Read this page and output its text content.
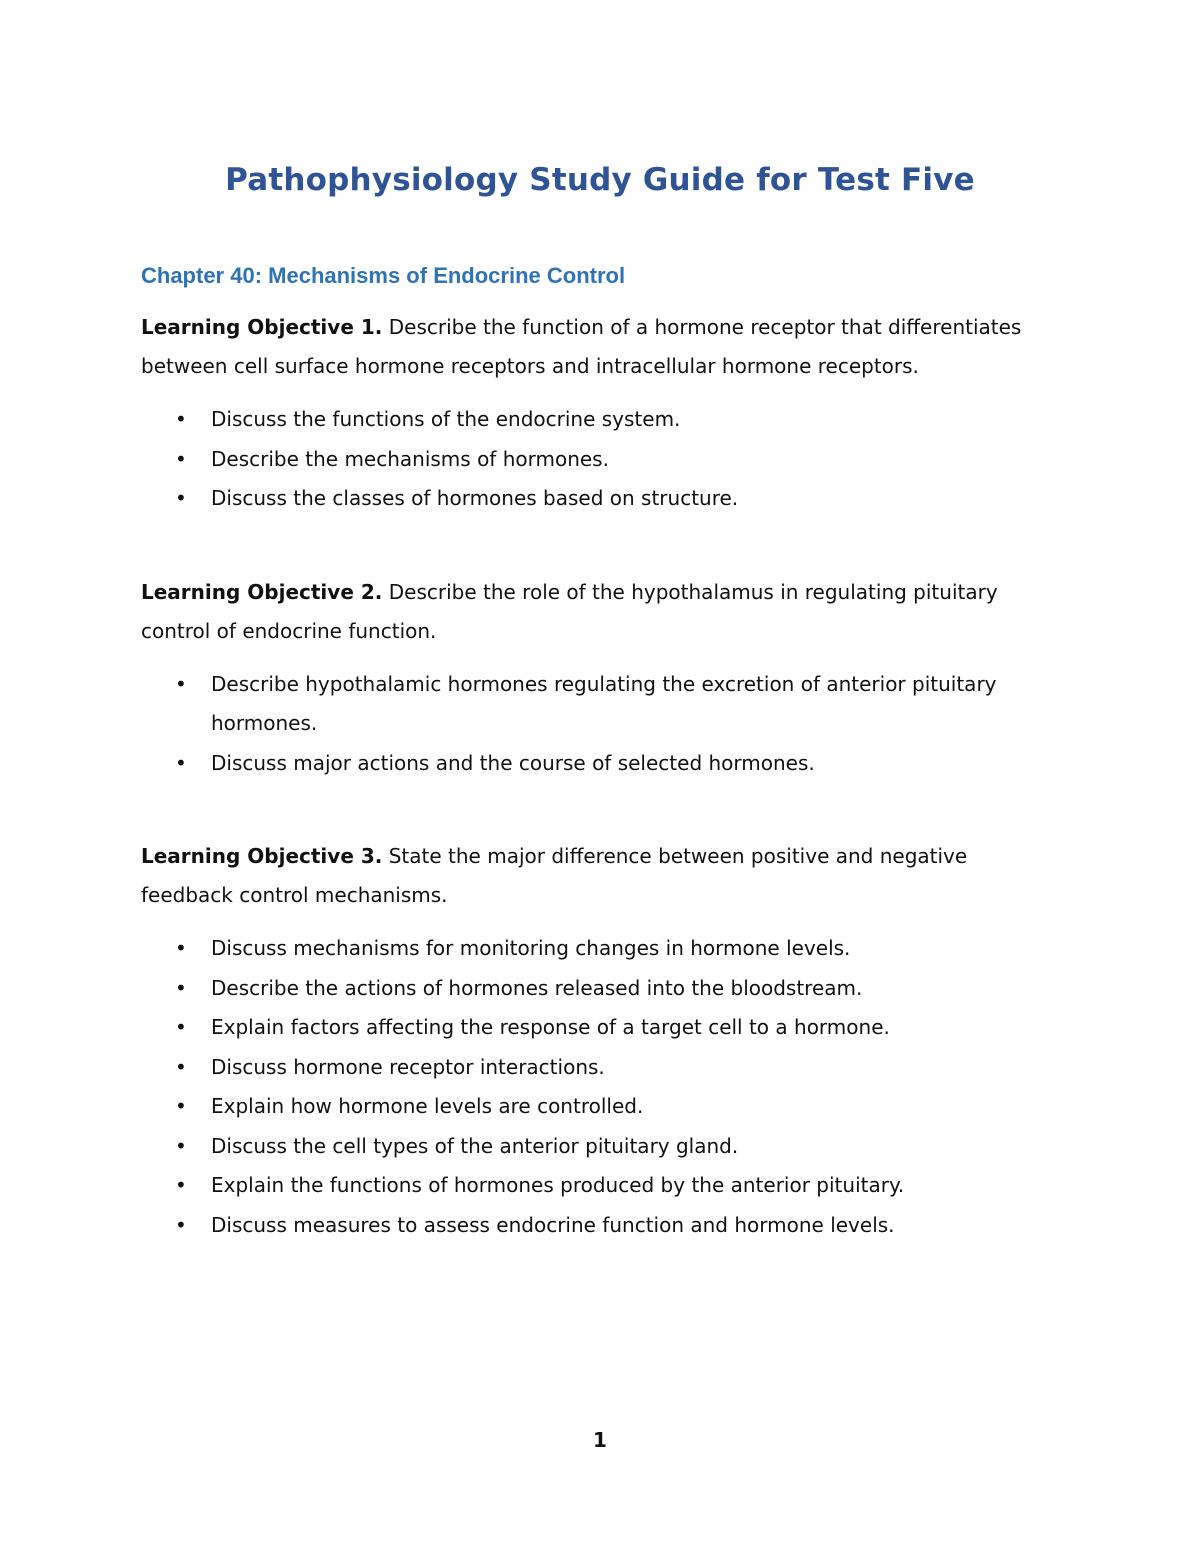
Pathophysiology Study Guide for Test Five
Chapter 40: Mechanisms of Endocrine Control

Learning Objective 1. Describe the function of a hormone receptor that differentiates between cell surface hormone receptors and intracellular hormone receptors.

• Discuss the functions of the endocrine system.
• Describe the mechanisms of hormones.
• Discuss the classes of hormones based on structure.

Learning Objective 2. Describe the role of the hypothalamus in regulating pituitary control of endocrine function.

• Describe hypothalamic hormones regulating the excretion of anterior pituitary hormones.
• Discuss major actions and the course of selected hormones.

Learning Objective 3. State the major difference between positive and negative feedback control mechanisms.

• Discuss mechanisms for monitoring changes in hormone levels.
• Describe the actions of hormones released into the bloodstream.
• Explain factors affecting the response of a target cell to a hormone.
• Discuss hormone receptor interactions.
• Explain how hormone levels are controlled.
• Discuss the cell types of the anterior pituitary gland.
• Explain the functions of hormones produced by the anterior pituitary.
• Discuss measures to assess endocrine function and hormone levels.
1
